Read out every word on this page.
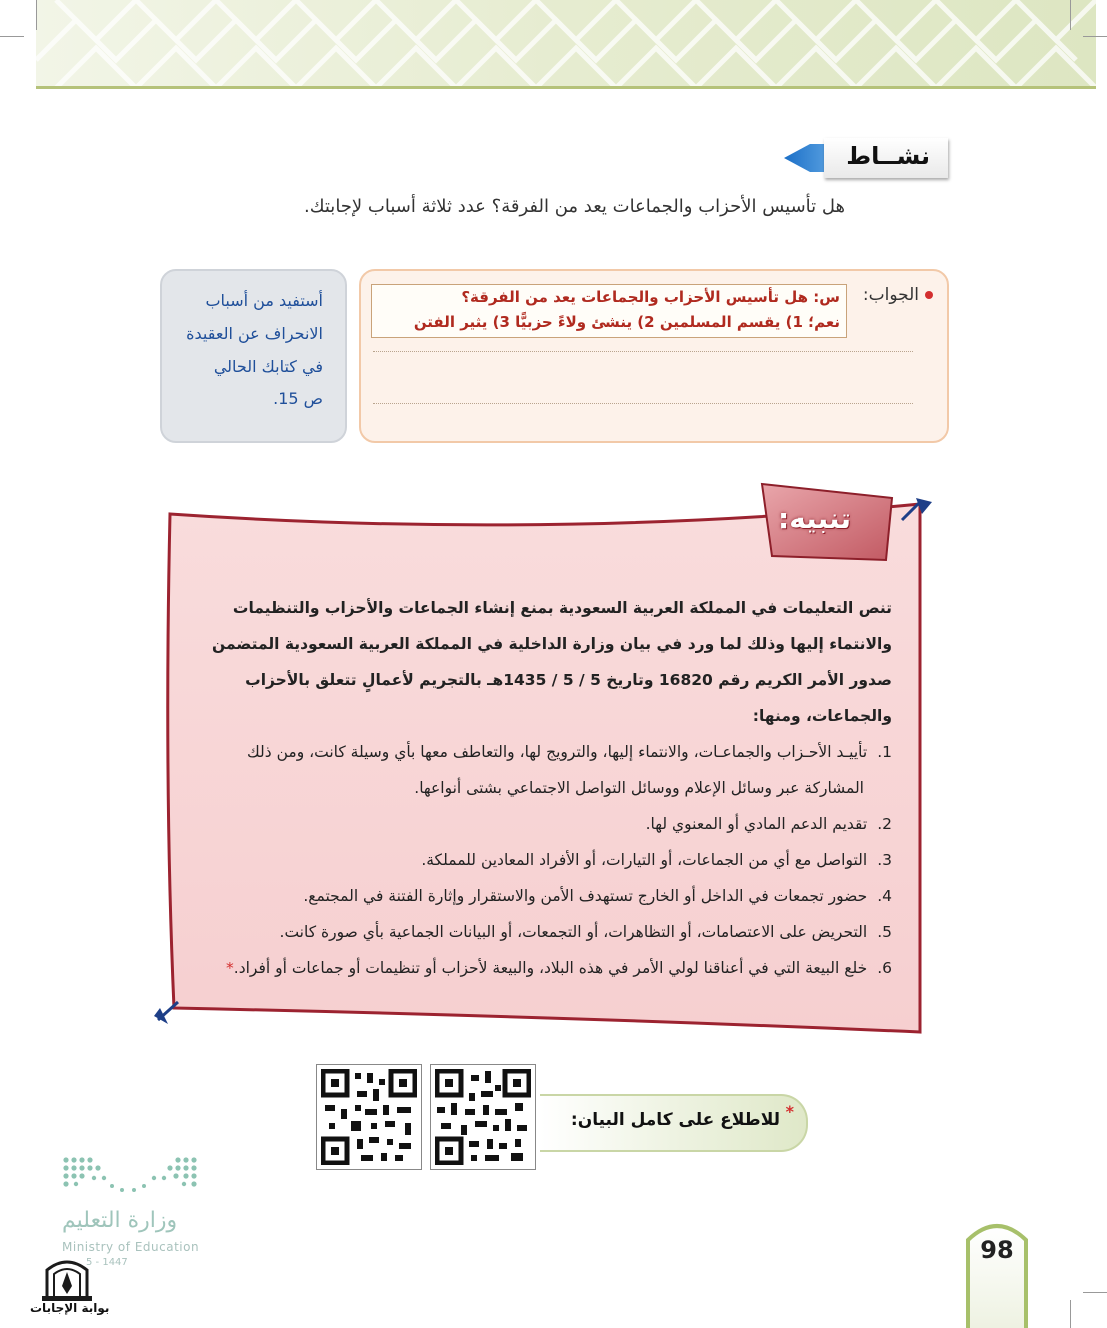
نشــاط
هل تأسيس الأحزاب والجماعات يعد من الفرقة؟ عدد ثلاثة أسباب لإجابتك.
الجواب:
س: هل تأسيس الأحزاب والجماعات يعد من الفرقة؟
نعم؛ 1) يقسم المسلمين 2) ينشئ ولاءً حزبيًّا 3) يثير الفتن

أستفيد من أسباب

الانحراف عن العقيدة

في كتابك الحالي

ص 15.

تنبيه:

تنص التعليمات في المملكة العربية السعودية بمنع إنشاء الجماعات والأحزاب والتنظيمات والانتماء إليها وذلك لما ورد في بيان وزارة الداخلية في المملكة العربية السعودية المتضمن صدور الأمر الكريم رقم 16820 وتاريخ 5 / 5 / 1435هـ بالتجريم لأعمالٍ تتعلق بالأحزاب والجماعات، ومنها:

1.تأييـد الأحـزاب والجماعـات، والانتماء إليها، والترويج لها، والتعاطف معها بأي وسيلة كانت، ومن ذلك

المشاركة عبر وسائل الإعلام ووسائل التواصل الاجتماعي بشتى أنواعها.

2.تقديم الدعم المادي أو المعنوي لها.

3.التواصل مع أي من الجماعات، أو التيارات، أو الأفراد المعادين للمملكة.

4.حضور تجمعات في الداخل أو الخارج تستهدف الأمن والاستقرار وإثارة الفتنة في المجتمع.

5.التحريض على الاعتصامات، أو التظاهرات، أو التجمعات، أو البيانات الجماعية بأي صورة كانت.

6.خلع البيعة التي في أعناقنا لولي الأمر في هذه البلاد، والبيعة لأحزاب أو تنظيمات أو جماعات أو أفراد.*

*
للاطلاع على كامل البيان:
وزارة التعليم
Ministry of Education
5 - 1447
بوابة الإجابات
98
